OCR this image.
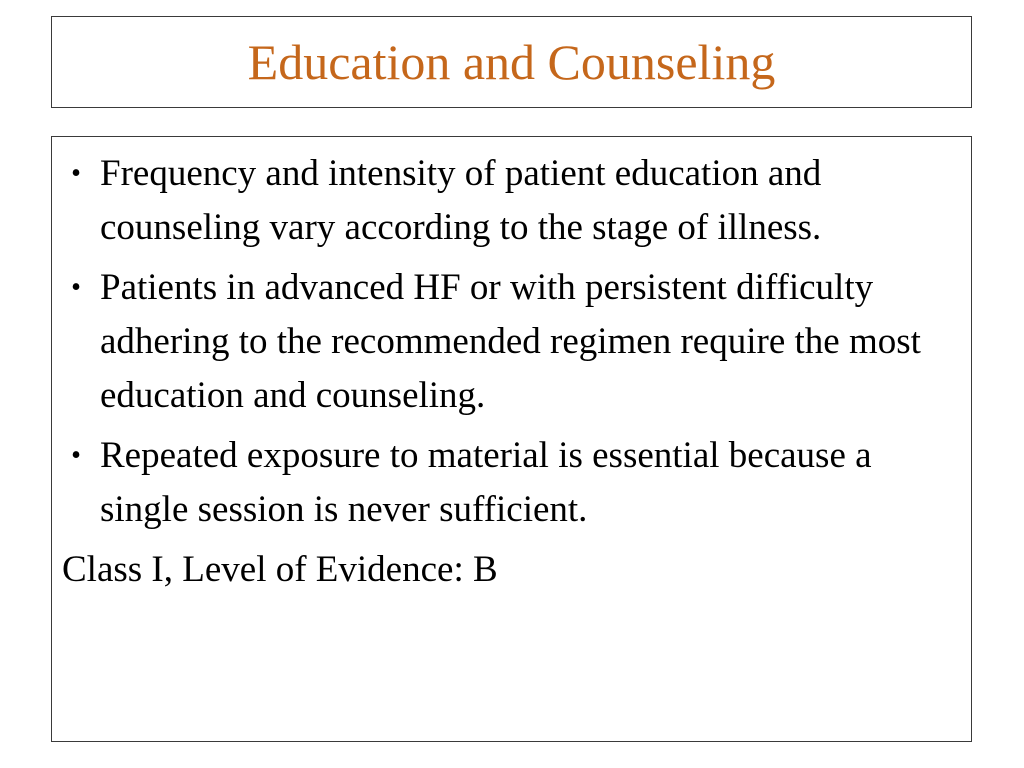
Education and Counseling
• Frequency and intensity of patient education and counseling vary according to the stage of illness.
• Patients in advanced HF or with persistent difficulty adhering to the recommended regimen require the most education and counseling.
• Repeated exposure to material is essential because a single session is never sufficient.

Class I, Level of Evidence: B
